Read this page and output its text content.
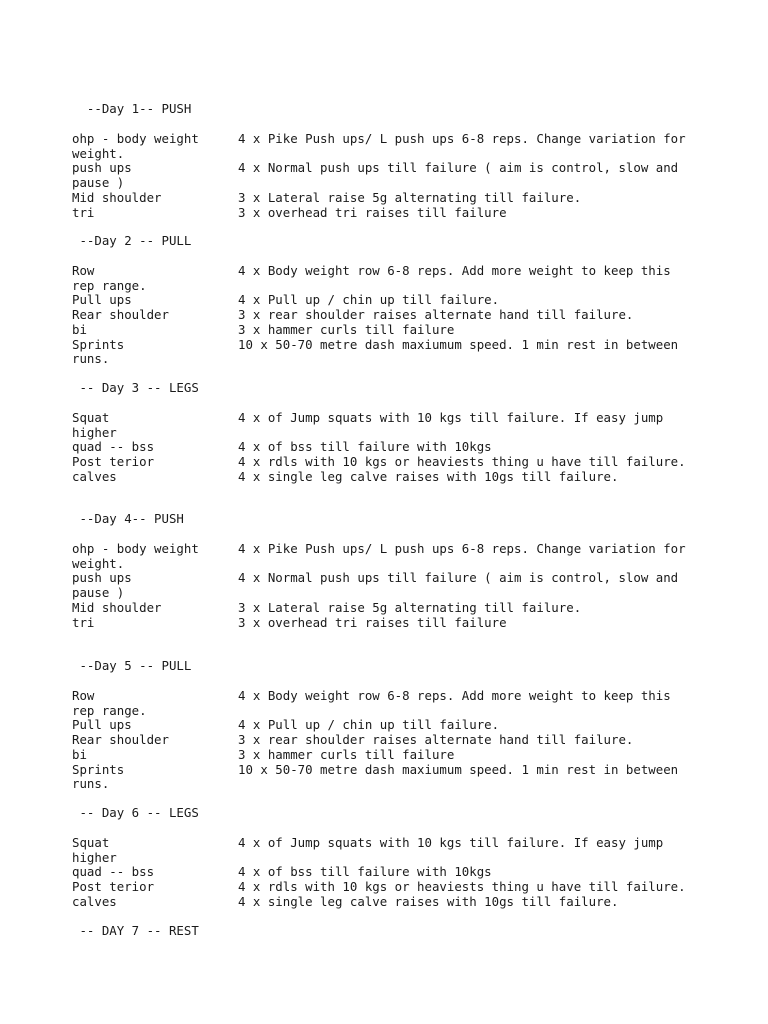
--Day 1-- PUSH
ohp - body weight	4 x Pike Push ups/ L push ups 6-8 reps. Change variation for
weight.
push ups	4 x Normal push ups till failure ( aim is control, slow and
pause )
Mid shoulder	3 x Lateral raise 5g alternating till failure.
tri	3 x overhead tri raises till failure
--Day 2 -- PULL
Row	4 x Body weight row 6-8 reps. Add more weight to keep this
rep range.
Pull ups	4 x Pull up / chin up till failure.
Rear shoulder	3 x rear shoulder raises alternate hand till failure.
bi	3 x hammer curls till failure
Sprints	10 x 50-70 metre dash maxiumum speed. 1 min rest in between
runs.
-- Day 3 -- LEGS
Squat	4 x of Jump squats with 10 kgs till failure. If easy jump
higher
quad -- bss	4 x of bss till failure with 10kgs
Post terior	4 x rdls with 10 kgs or heaviests thing u have till failure.
calves	4 x single leg calve raises with 10gs till failure.
--Day 4-- PUSH
ohp - body weight	4 x Pike Push ups/ L push ups 6-8 reps. Change variation for
weight.
push ups	4 x Normal push ups till failure ( aim is control, slow and
pause )
Mid shoulder	3 x Lateral raise 5g alternating till failure.
tri	3 x overhead tri raises till failure
--Day 5 -- PULL
Row	4 x Body weight row 6-8 reps. Add more weight to keep this
rep range.
Pull ups	4 x Pull up / chin up till failure.
Rear shoulder	3 x rear shoulder raises alternate hand till failure.
bi	3 x hammer curls till failure
Sprints	10 x 50-70 metre dash maxiumum speed. 1 min rest in between
runs.
-- Day 6 -- LEGS
Squat	4 x of Jump squats with 10 kgs till failure. If easy jump
higher
quad -- bss	4 x of bss till failure with 10kgs
Post terior	4 x rdls with 10 kgs or heaviests thing u have till failure.
calves	4 x single leg calve raises with 10gs till failure.
-- DAY 7 -- REST
